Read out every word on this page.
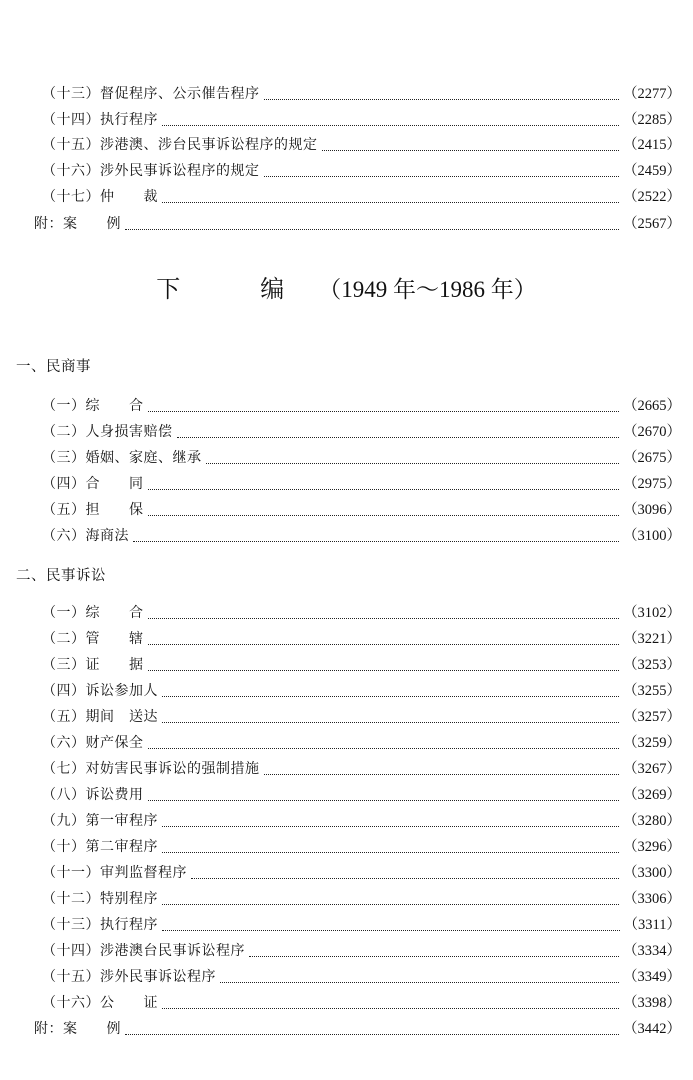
（十三）督促程序、公示催告程序	（2277）
（十四）执行程序	（2285）
（十五）涉港澳、涉台民事诉讼程序的规定	（2415）
（十六）涉外民事诉讼程序的规定	（2459）
（十七）仲　　裁	（2522）
附：案　　例	（2567）
下　编 （1949 年～1986 年）
一、民商事
（一）综　　合	（2665）
（二）人身损害赔偿	（2670）
（三）婚姻、家庭、继承	（2675）
（四）合　　同	（2975）
（五）担　　保	（3096）
（六）海商法	（3100）
二、民事诉讼
（一）综　　合	（3102）
（二）管　　辖	（3221）
（三）证　　据	（3253）
（四）诉讼参加人	（3255）
（五）期间　送达	（3257）
（六）财产保全	（3259）
（七）对妨害民事诉讼的强制措施	（3267）
（八）诉讼费用	（3269）
（九）第一审程序	（3280）
（十）第二审程序	（3296）
（十一）审判监督程序	（3300）
（十二）特别程序	（3306）
（十三）执行程序	（3311）
（十四）涉港澳台民事诉讼程序	（3334）
（十五）涉外民事诉讼程序	（3349）
（十六）公　　证	（3398）
附：案　　例	（3442）
